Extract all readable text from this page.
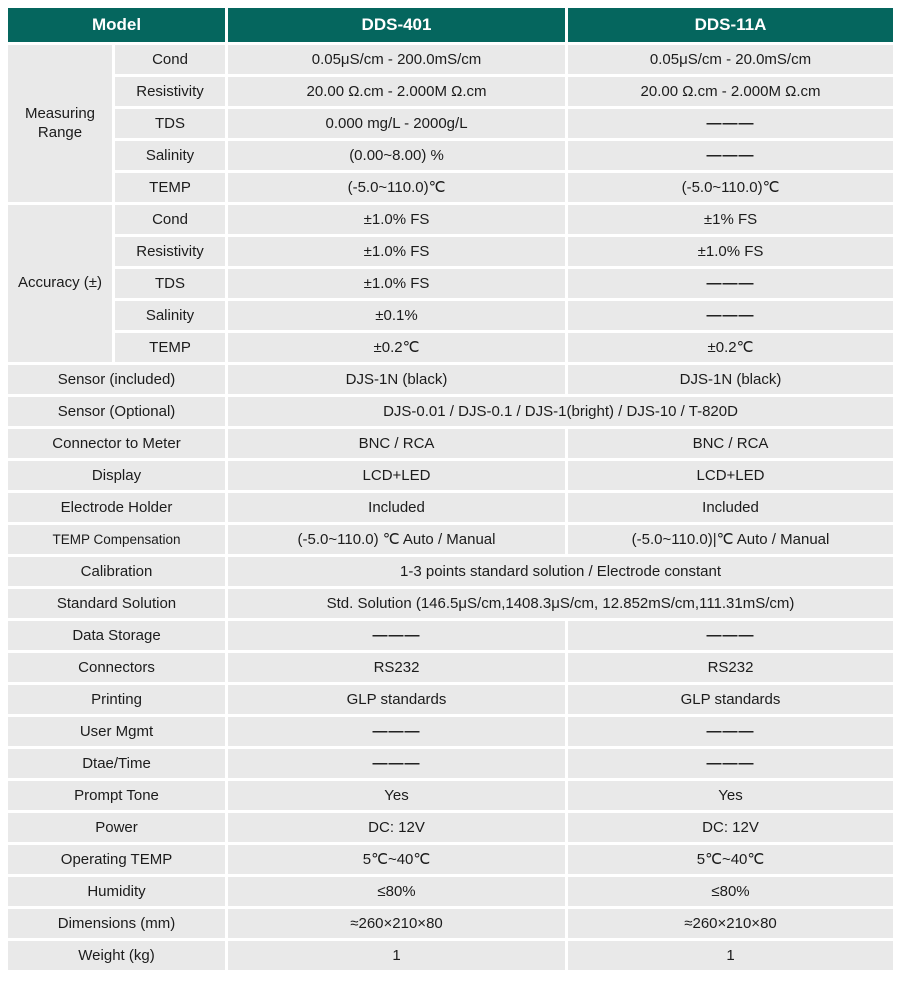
Model		DDS-401	DDS-11A
Measuring Range	Cond	0.05μS/cm - 200.0mS/cm	0.05μS/cm - 20.0mS/cm
	Resistivity	20.00 Ω.cm - 2.000M Ω.cm	20.00 Ω.cm - 2.000M Ω.cm
	TDS	0.000 mg/L - 2000g/L	———
	Salinity	(0.00~8.00) %	———
	TEMP	(-5.0~110.0)℃	(-5.0~110.0)℃
Accuracy (±)	Cond	±1.0% FS	±1% FS
	Resistivity	±1.0% FS	±1.0% FS
	TDS	±1.0% FS	———
	Salinity	±0.1%	———
	TEMP	±0.2℃	±0.2℃
Sensor (included)		DJS-1N (black)	DJS-1N (black)
Sensor (Optional)		DJS-0.01 / DJS-0.1 / DJS-1(bright) / DJS-10 / T-820D	
Connector to Meter		BNC / RCA	BNC / RCA
Display		LCD+LED	LCD+LED
Electrode Holder		Included	Included
TEMP Compensation		(-5.0~110.0) ℃ Auto / Manual	(-5.0~110.0)|℃ Auto / Manual
Calibration		1-3 points standard solution / Electrode constant	
Standard Solution		Std. Solution (146.5μS/cm,1408.3μS/cm, 12.852mS/cm,111.31mS/cm)	
Data Storage		———	———
Connectors		RS232	RS232
Printing		GLP standards	GLP standards
User Mgmt		———	———
Dtae/Time		———	———
Prompt Tone		Yes	Yes
Power		DC: 12V	DC: 12V
Operating TEMP		5℃~40℃	5℃~40℃
Humidity		≤80%	≤80%
Dimensions (mm)		≈260×210×80	≈260×210×80
Weight (kg)		1	1
